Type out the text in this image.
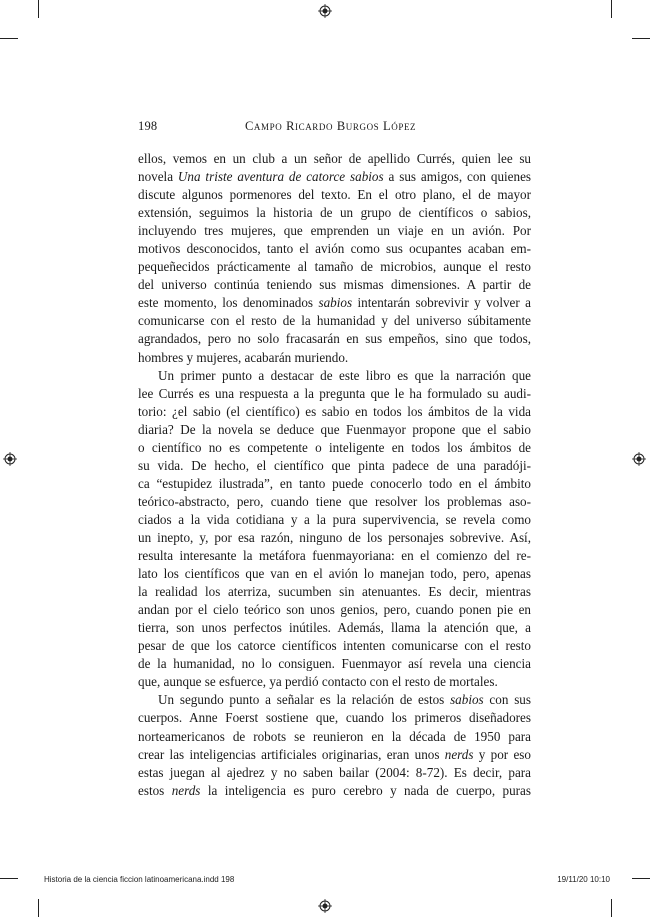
198	Campo Ricardo Burgos López
ellos, vemos en un club a un señor de apellido Currés, quien lee su
novela Una triste aventura de catorce sabios a sus amigos, con quienes
discute algunos pormenores del texto. En el otro plano, el de mayor
extensión, seguimos la historia de un grupo de científicos o sabios,
incluyendo tres mujeres, que emprenden un viaje en un avión. Por
motivos desconocidos, tanto el avión como sus ocupantes acaban em-
pequeñecidos prácticamente al tamaño de microbios, aunque el resto
del universo continúa teniendo sus mismas dimensiones. A partir de
este momento, los denominados sabios intentarán sobrevivir y volver a
comunicarse con el resto de la humanidad y del universo súbitamente
agrandados, pero no solo fracasarán en sus empeños, sino que todos,
hombres y mujeres, acabarán muriendo.
Un primer punto a destacar de este libro es que la narración que
lee Currés es una respuesta a la pregunta que le ha formulado su audi-
torio: ¿el sabio (el científico) es sabio en todos los ámbitos de la vida
diaria? De la novela se deduce que Fuenmayor propone que el sabio
o científico no es competente o inteligente en todos los ámbitos de
su vida. De hecho, el científico que pinta padece de una paradóji-
ca “estupidez ilustrada”, en tanto puede conocerlo todo en el ámbito
teórico-abstracto, pero, cuando tiene que resolver los problemas aso-
ciados a la vida cotidiana y a la pura supervivencia, se revela como
un inepto, y, por esa razón, ninguno de los personajes sobrevive. Así,
resulta interesante la metáfora fuenmayoriana: en el comienzo del re-
lato los científicos que van en el avión lo manejan todo, pero, apenas
la realidad los aterriza, sucumben sin atenuantes. Es decir, mientras
andan por el cielo teórico son unos genios, pero, cuando ponen pie en
tierra, son unos perfectos inútiles. Además, llama la atención que, a
pesar de que los catorce científicos intenten comunicarse con el resto
de la humanidad, no lo consiguen. Fuenmayor así revela una ciencia
que, aunque se esfuerce, ya perdió contacto con el resto de mortales.
Un segundo punto a señalar es la relación de estos sabios con sus
cuerpos. Anne Foerst sostiene que, cuando los primeros diseñadores
norteamericanos de robots se reunieron en la década de 1950 para
crear las inteligencias artificiales originarias, eran unos nerds y por eso
estas juegan al ajedrez y no saben bailar (2004: 8-72). Es decir, para
estos nerds la inteligencia es puro cerebro y nada de cuerpo, puras
Historia de la ciencia ficcion latinoamericana.indd 198	19/11/20 10:10
